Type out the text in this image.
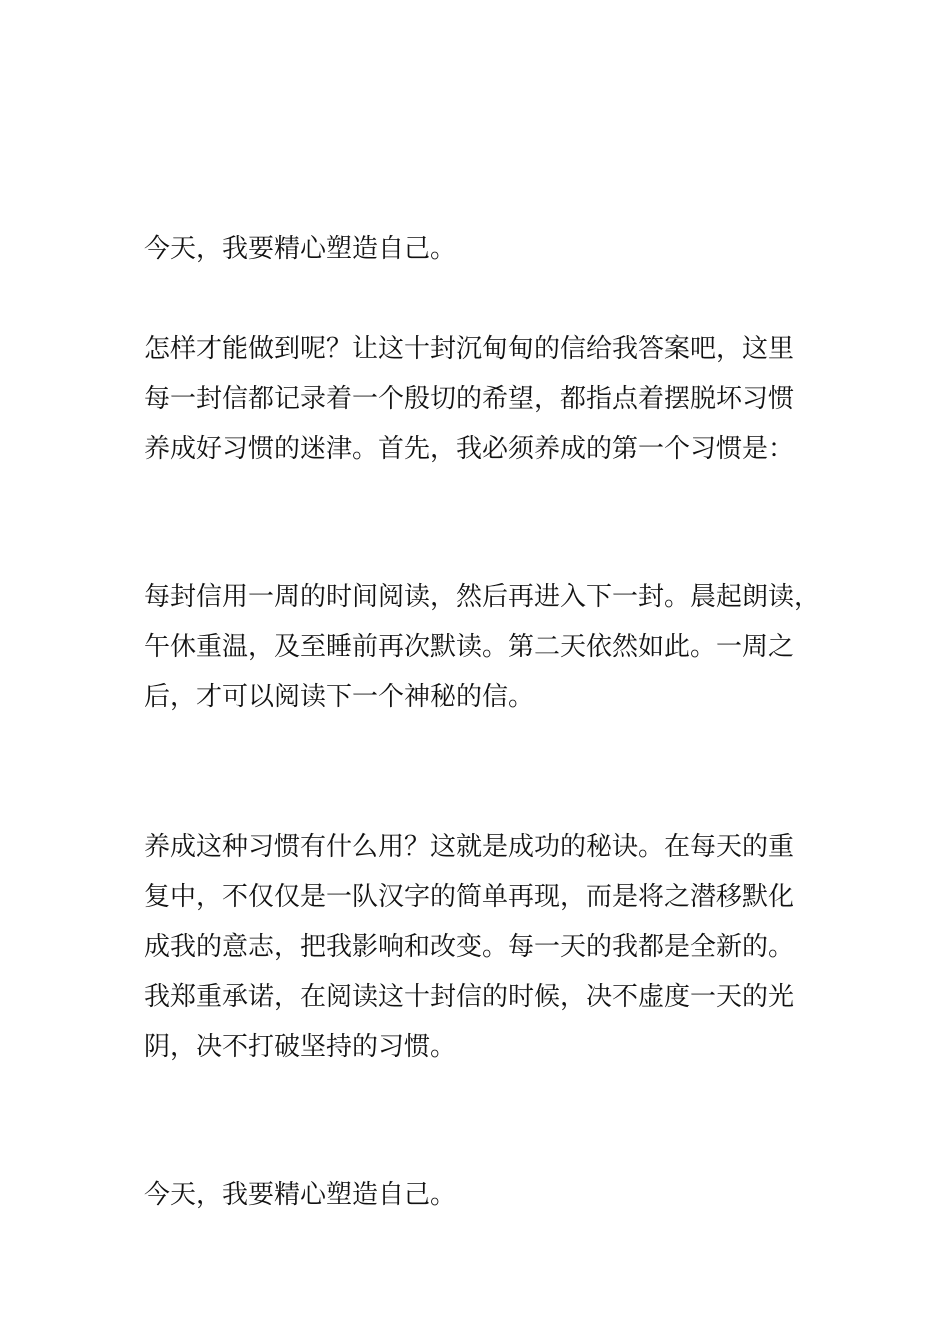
今天，我要精心塑造自己。

怎样才能做到呢？让这十封沉甸甸的信给我答案吧，这里
每一封信都记录着一个殷切的希望，都指点着摆脱坏习惯
养成好习惯的迷津。首先，我必须养成的第一个习惯是：

每封信用一周的时间阅读，然后再进入下一封。晨起朗读，
午休重温，及至睡前再次默读。第二天依然如此。一周之
后，才可以阅读下一个神秘的信。

养成这种习惯有什么用？这就是成功的秘诀。在每天的重
复中，不仅仅是一队汉字的简单再现，而是将之潜移默化
成我的意志，把我影响和改变。每一天的我都是全新的。
我郑重承诺，在阅读这十封信的时候，决不虚度一天的光
阴，决不打破坚持的习惯。

今天，我要精心塑造自己。
